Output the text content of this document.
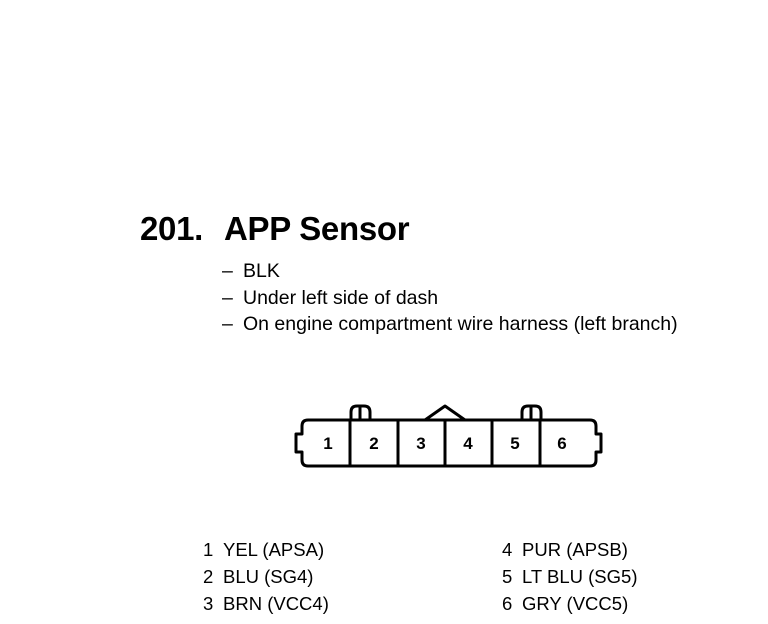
201. APP Sensor
– BLK
– Under left side of dash
– On engine compartment wire harness (left branch)
1 2 3 4 5 6
1 YEL (APSA)
2 BLU (SG4)
3 BRN (VCC4)
4 PUR (APSB)
5 LT BLU (SG5)
6 GRY (VCC5)
